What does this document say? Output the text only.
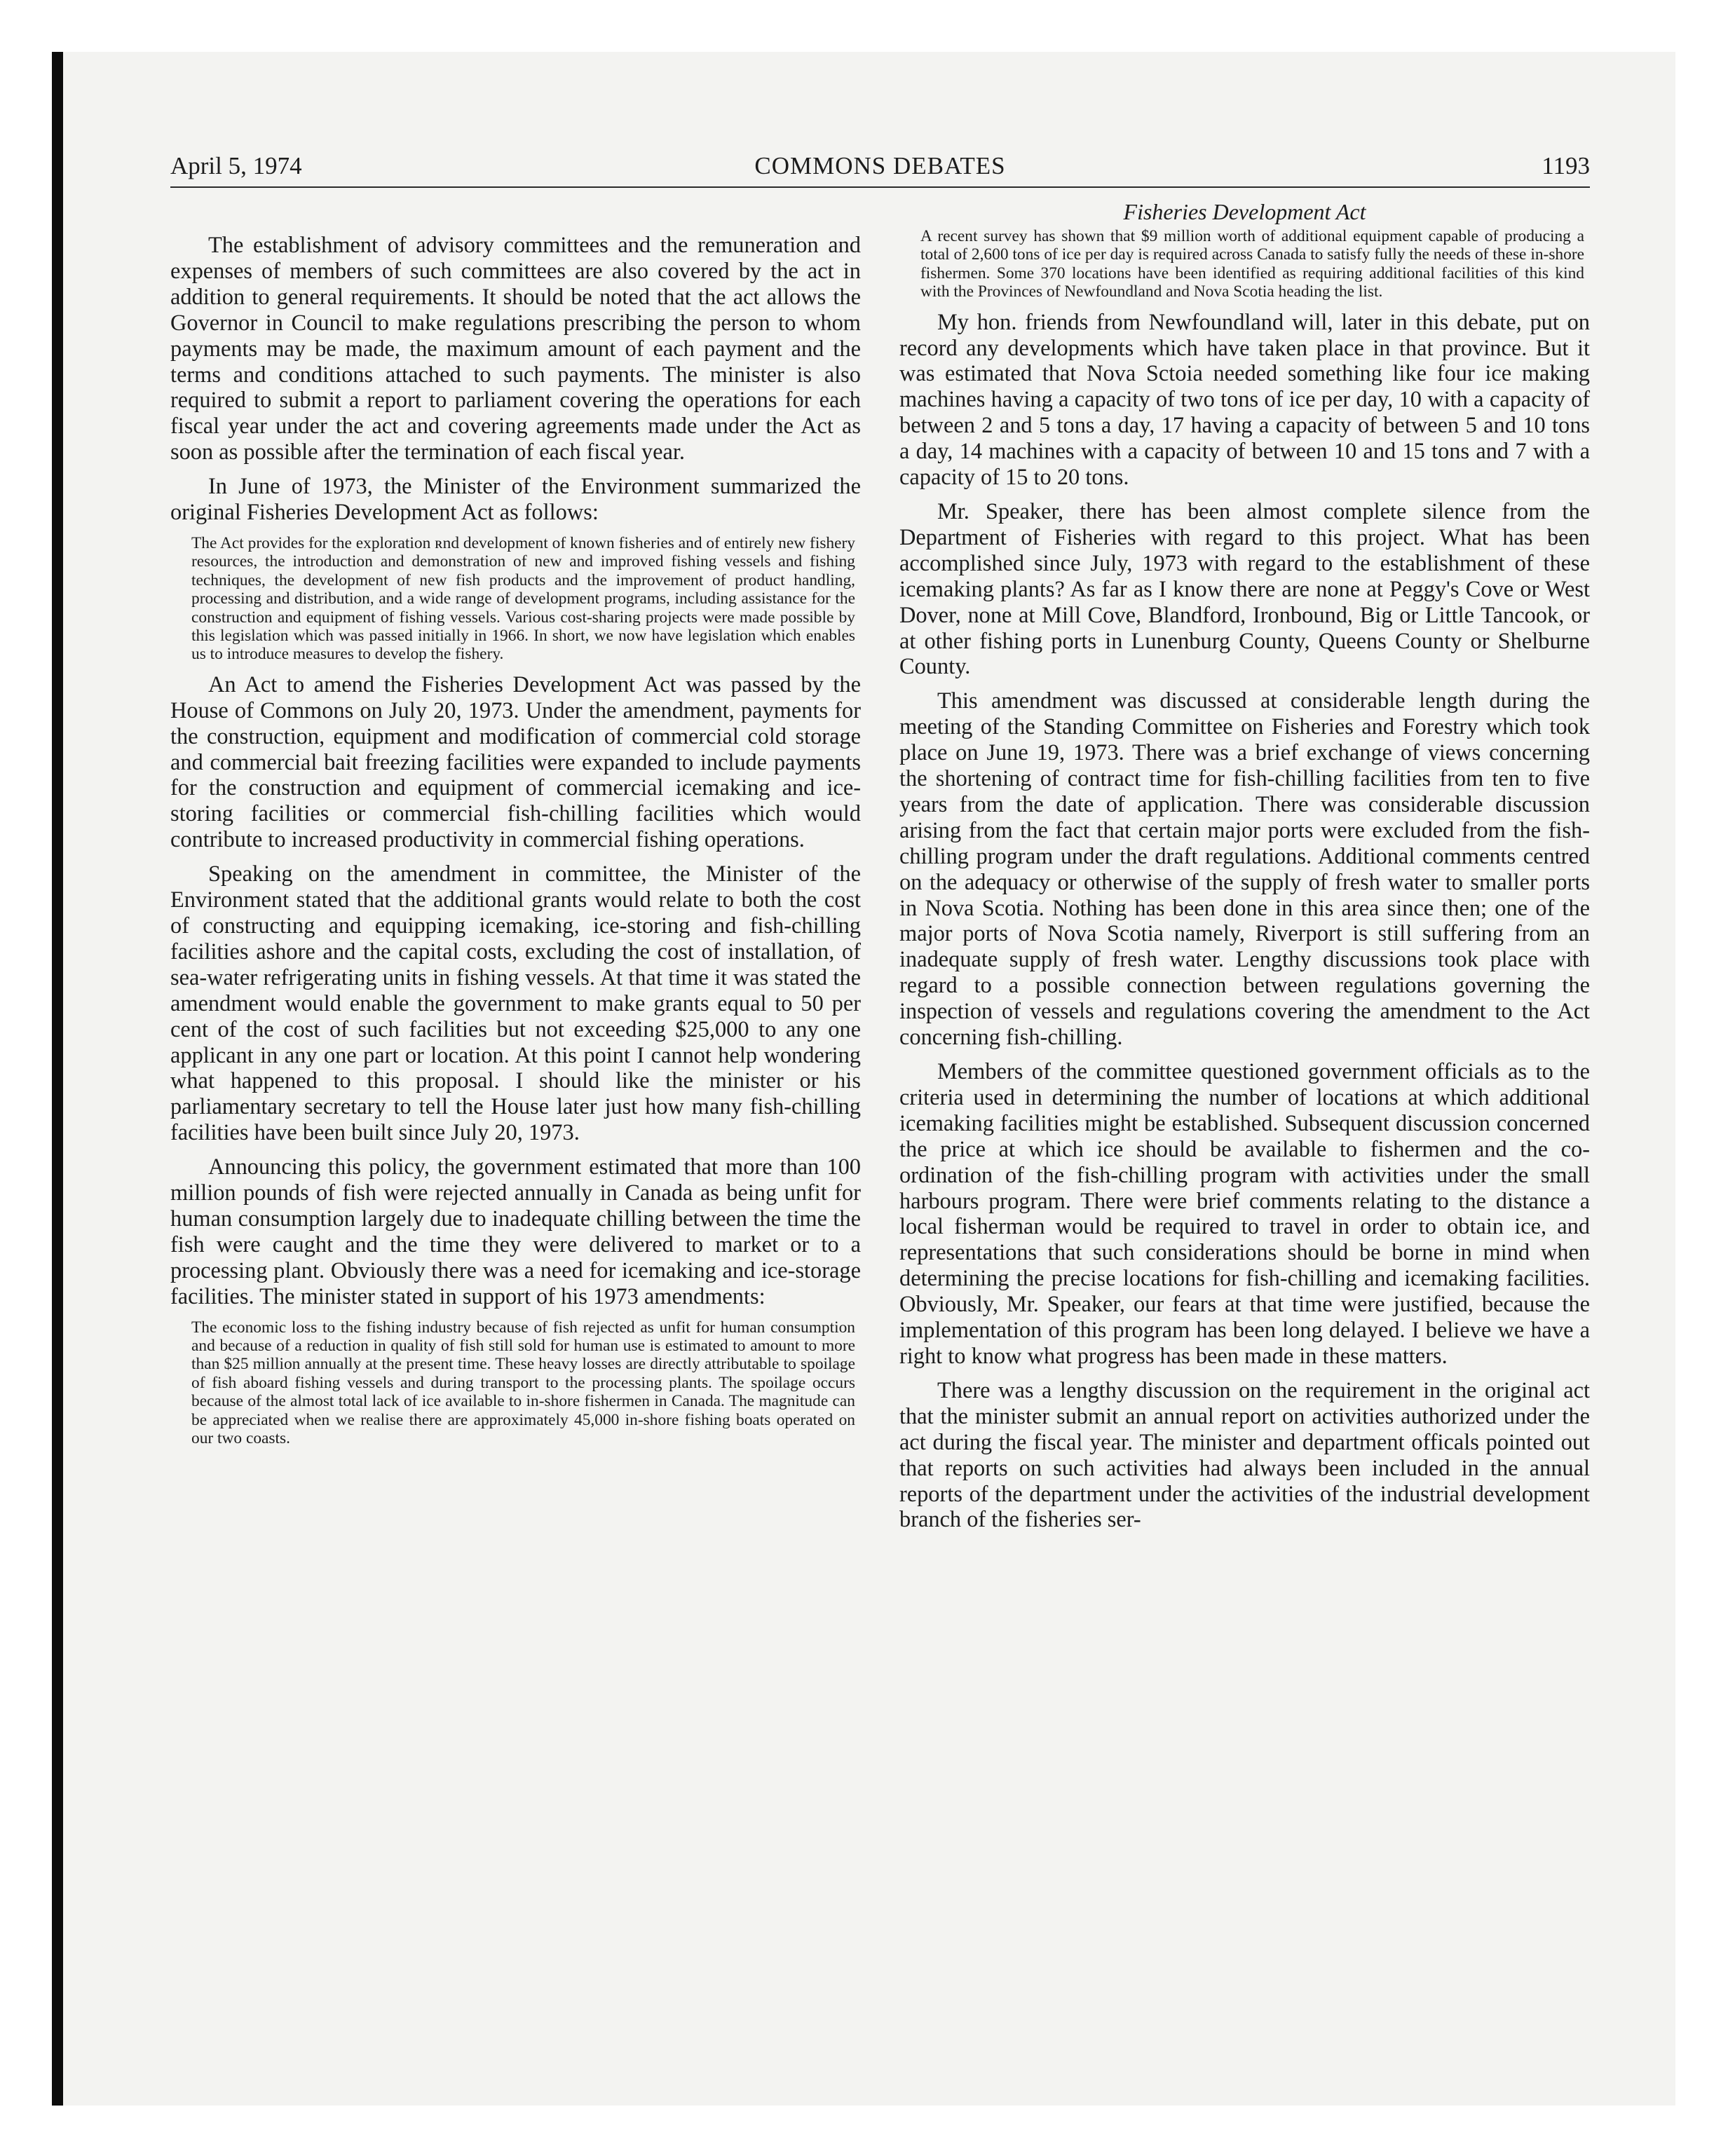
April 5, 1974	COMMONS DEBATES	1193

The establishment of advisory committees and the remuneration and expenses of members of such committees are also covered by the act in addition to general requirements. It should be noted that the act allows the Governor in Council to make regulations prescribing the person to whom payments may be made, the maximum amount of each payment and the terms and conditions attached to such payments. The minister is also required to submit a report to parliament covering the operations for each fiscal year under the act and covering agreements made under the Act as soon as possible after the termination of each fiscal year.

In June of 1973, the Minister of the Environment summarized the original Fisheries Development Act as follows:

The Act provides for the exploration ʀnd development of known fisheries and of entirely new fishery resources, the introduction and demonstration of new and improved fishing vessels and fishing techniques, the development of new fish products and the improvement of product handling, processing and distribution, and a wide range of development programs, including assistance for the construction and equipment of fishing vessels. Various cost-sharing projects were made possible by this legislation which was passed initially in 1966. In short, we now have legislation which enables us to introduce measures to develop the fishery.

An Act to amend the Fisheries Development Act was passed by the House of Commons on July 20, 1973. Under the amendment, payments for the construction, equipment and modification of commercial cold storage and commercial bait freezing facilities were expanded to include payments for the construction and equipment of commercial icemaking and ice-storing facilities or commercial fish-chilling facilities which would contribute to increased productivity in commercial fishing operations.

Speaking on the amendment in committee, the Minister of the Environment stated that the additional grants would relate to both the cost of constructing and equipping icemaking, ice-storing and fish-chilling facilities ashore and the capital costs, excluding the cost of installation, of sea-water refrigerating units in fishing vessels. At that time it was stated the amendment would enable the government to make grants equal to 50 per cent of the cost of such facilities but not exceeding $25,000 to any one applicant in any one part or location. At this point I cannot help wondering what happened to this proposal. I should like the minister or his parliamentary secretary to tell the House later just how many fish-chilling facilities have been built since July 20, 1973.

Announcing this policy, the government estimated that more than 100 million pounds of fish were rejected annually in Canada as being unfit for human consumption largely due to inadequate chilling between the time the fish were caught and the time they were delivered to market or to a processing plant. Obviously there was a need for icemaking and ice-storage facilities. The minister stated in support of his 1973 amendments:

The economic loss to the fishing industry because of fish rejected as unfit for human consumption and because of a reduction in quality of fish still sold for human use is estimated to amount to more than $25 million annually at the present time. These heavy losses are directly attributable to spoilage of fish aboard fishing vessels and during transport to the processing plants. The spoilage occurs because of the almost total lack of ice available to in-shore fishermen in Canada. The magnitude can be appreciated when we realise there are approximately 45,000 in-shore fishing boats operated on our two coasts.

Fisheries Development Act

A recent survey has shown that $9 million worth of additional equipment capable of producing a total of 2,600 tons of ice per day is required across Canada to satisfy fully the needs of these in-shore fishermen. Some 370 locations have been identified as requiring additional facilities of this kind with the Provinces of Newfoundland and Nova Scotia heading the list.

My hon. friends from Newfoundland will, later in this debate, put on record any developments which have taken place in that province. But it was estimated that Nova Sctoia needed something like four ice making machines having a capacity of two tons of ice per day, 10 with a capacity of between 2 and 5 tons a day, 17 having a capacity of between 5 and 10 tons a day, 14 machines with a capacity of between 10 and 15 tons and 7 with a capacity of 15 to 20 tons.

Mr. Speaker, there has been almost complete silence from the Department of Fisheries with regard to this project. What has been accomplished since July, 1973 with regard to the establishment of these icemaking plants? As far as I know there are none at Peggy's Cove or West Dover, none at Mill Cove, Blandford, Ironbound, Big or Little Tancook, or at other fishing ports in Lunenburg County, Queens County or Shelburne County.

This amendment was discussed at considerable length during the meeting of the Standing Committee on Fisheries and Forestry which took place on June 19, 1973. There was a brief exchange of views concerning the shortening of contract time for fish-chilling facilities from ten to five years from the date of application. There was considerable discussion arising from the fact that certain major ports were excluded from the fish-chilling program under the draft regulations. Additional comments centred on the adequacy or otherwise of the supply of fresh water to smaller ports in Nova Scotia. Nothing has been done in this area since then; one of the major ports of Nova Scotia namely, Riverport is still suffering from an inadequate supply of fresh water. Lengthy discussions took place with regard to a possible connection between regulations governing the inspection of vessels and regulations covering the amendment to the Act concerning fish-chilling.

Members of the committee questioned government officials as to the criteria used in determining the number of locations at which additional icemaking facilities might be established. Subsequent discussion concerned the price at which ice should be available to fishermen and the co-ordination of the fish-chilling program with activities under the small harbours program. There were brief comments relating to the distance a local fisherman would be required to travel in order to obtain ice, and representations that such considerations should be borne in mind when determining the precise locations for fish-chilling and icemaking facilities. Obviously, Mr. Speaker, our fears at that time were justified, because the implementation of this program has been long delayed. I believe we have a right to know what progress has been made in these matters.

There was a lengthy discussion on the requirement in the original act that the minister submit an annual report on activities authorized under the act during the fiscal year. The minister and department officals pointed out that reports on such activities had always been included in the annual reports of the department under the activities of the industrial development branch of the fisheries ser-
